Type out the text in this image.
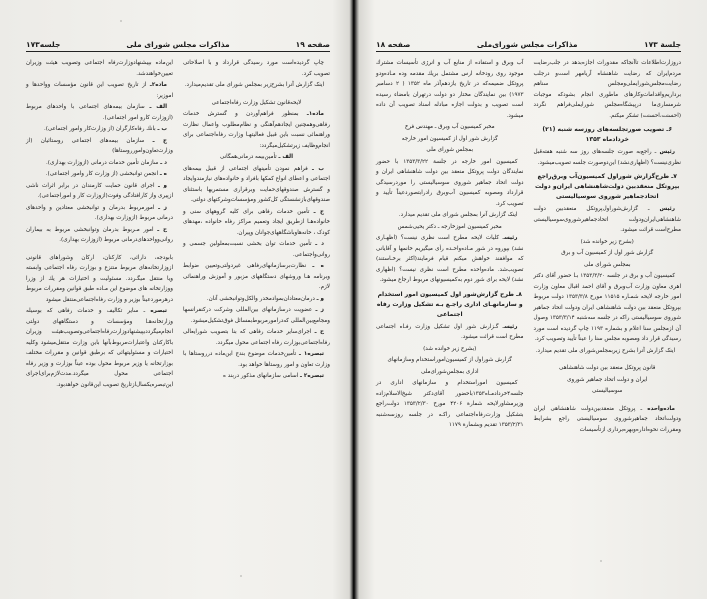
صفحه ۱۹
مذاکرات مجلس شورای ملی
جلسه۱۷۳

چاپ گردیده‌است مورد رسیدگی قرارداد و با اصلاحاتی تصویب کرد.

اینک گزارش آنرا بشرح‌زیر بمجلس شورای ملی تقدیم‌میدارد.

لایحه‌قانون تشکیل وزارت رفاه‌اجتماعی

ماده۱ـ بمنظور فراهم‌آوردن و گسترش خدمات رفاهی‌وهمچنین ایجادهم‌آهنگی و نظام‌مطلوب واعمال نظارت وراهنمائی نسبت باین قبیل فعالیتهـا وزارت رفاه‌اجتماعی برای انجام‌وظایف زیرتشکیل‌میگردد:

الف ـ تأمین‌بیمه درمانی‌همگانی

ب ـ فراهم نمودن تأمینهای اجتماعی از قبیل بیمه‌های اجتماعی و اعطای انواع کمکها بافراد و خانواده‌های نیازمندوایجاد و گسترش صندوقهای‌حمایت وبرقراری مستمریها باستثنای صندوقهای‌بازنشستگی کل‌کشور ومؤسسات‌وشرکتهای دولتی.

ج ـ تأمین خدمات رفاهی برای کلیه گروههای سنی و خانواده‌هـا ازطریق ایجاد وتعمیم مراکز رفاه خانواده ،مهدهای کودک ، خانه‌هاوباشگاههای‌جوانان وپیران.

د ـ تأمین خدمات توان بخشی نسبت‌بمعلولین جسمی و روانی‌واجتماعی.

ه ـ نظارت‌برسازمانهای‌رفاهی غیردولتی‌وتعیین ضوابط وبرنامه هـا وروشهای دستگاههای مزبور و آموزش وراهنمائی لازم.

و ـ درمان‌معتادان‌بموادمخدر والکل‌وتوانبخشی آنان.

ز ـ عضویت درسازمانهای بین‌المللی وشرکت درکنفرانسها ومجامع‌بین‌المللی که‌درامورمربوط‌بمسائل فوق‌تشکیل‌میشود.

ح ـ اجرای‌سایر خدمات رفاهی که بنا بتصویب شورایعالی رفاه‌اجتماعی‌بوزارت رفاه اجتماعی محول میگردد.

تبصره۱ ـ تأمین‌خدمات موضوع بندج این‌ماده درروستاها با وزارت تعاون و امور روستاها خواهد بود.

تبصره۲ ـ اسامی سازمانهای مذکور دربند ه

این‌ماده بپیشنهادوزارت‌رفاه اجتماعی وتصویب هیئت وزیران تعیین‌خواهندشد.

ماده۲ـ از تاریخ تصویب این قانون مؤسسات وواحدها و اموزیر:

الف ـ سازمان بیمه‌های اجتماعی با واحدهای مربوط (ازوزارت کارو امور اجتماعی).

ب ـ بانك رفاه‌کارگران (از وزارت‌کار وامور اجتماعی).

ج ـ سازمان بیمه‌های اجتماعی روستائیان (از وزارت‌تعاون‌وامورروستاها)

د ـ سازمان تأمین خدمات درمانی (ازوزارت بهداری).

ه ـ انجمن توانبخشی (از وزارت کار وامور اجتماعی).

و ـ اجرای قانون حمایت کارمندان در برابر اثرات ناشی ازپیری واز کارافتادگی وفوت(ازوزارت کار و اموراجتماعی).

ز ـ امورمربوط بدرمان و توانبخشی معتادین و واحدهای درمانی مربوط (ازوزارت بهداری).

ح ـ امور مـربوط بدرمان وتوانبخشی مربوط به بیماران روانی‌وواحدهای‌درمانی مربوط (ازوزارت بهداری).

بابودجه، دارائی، کارکنان، ارکان وشوراهای قانونی ازوزارتخانه‌های مربوط منتزع و بوزارت رفاه اجتماعی وابسته ویا منتقل میگـردد. مسئولیت و اختیارات هر یك از وزرا ووزارتخانه های موضوع این مـاده طبق قوانین ومقررات مربوط درهرموردعیناً بوزیر و وزارت رفاه‌اجتماعی‌منتقل میشود

تبصره ـ سایر تکالیف و خدمات رفاهی که بوسیله وزارتخانه‌هـا ومؤسسات و دستگاههای دولتی انجام‌میگرددبپیشنهادوزارت‌رفاه‌اجتماعی‌وتصویب‌هیئت وزیران باکارکنان واعتبارات‌مربوط‌بآنها باین وزارت منتقل‌میشود وکلیه اختیارات و مسئولیتهائی که برطبق قوانین و مقررات مختلف بوزارتخانه یا وزیر مربوط محول بوده عیناً بوزارت و وزیر رفاه اجتماعی محول میگردد.مدت‌لازم‌برای‌اجرای این‌تبصره‌یکسال‌ازتاریخ تصویب این‌قانون خواهدبود.

جلسة ۱۷۳
مذاکرات مجلس شورای‌ملی
صفحه ۱۸

دروزارت‌اطلاعات تاآنجاکه مقدورات اجازه‌بدهد در جلب‌رضایت مردم‌ایران که رضایت شاهنشاه آریامهر است‌و درجلب رضایت‌مجلس‌شورایملی‌ومجلس سناهم برداریم‌واقدامات‌وکارهای ماطوری انجام بشودکه موجبات شرمساری‌ما درپیشگاه‌مجلس شورایملی‌فراهم نگردد (احسنت،احسنت) تشکر میکنم.

۶ـ تصویب صورتجلسه‌های روزسه شنبه (۲۱) خردادماه ۱۳۵۳

رئیس ـ راجع‌به صورت جلسه‌های روز سه شنبه هفته‌قبل نظری‌نیست؟ (اظهاری‌نشد) این‌دوصورت جلسه تصویب‌میشود.

۷ـ طرح‌گزارش شوراول کمیسیون‌آب وبرق‌راجع بپروتکل منعقدبین دولت‌شاهنشاهی ایران‌و دولت اتحادجماهیر شوروی سوسیالیستی

رئیس ـ گزارش‌شوراول‌پروتکل منعقدبین دولت شاهنشاهی‌ایران‌ودولت اتحادجماهیرشوروی‌سوسیالیستی مطرح‌است قرائت میشود.

(بشرح زیر خوانده شد)

گزارش شور اول از کمیسیون آب و برق

بمجلس شورای ملی

کمیسیون آب و برق در جلسه ۱۳۵۳/۳/۲۰ بـا حضور آقای دکتر اهری معاون وزارت آب‌وبرق و آقای احمد اقبال معاون وزارت امور خارجه لایحه شمـاره ۱۱۵۱۵ مورخ ۱۳۵۳/۳/۸ دولت مربوط بپروتکل منعقد بین دولت شاهنشاهی ایران ودولت اتحاد جماهیر شوروی سوسیالیستی راکه در جلسه سه‌شنبه ۱۳۵۳/۳/۱۴ وصول آن ازمجلس سنا اعلام و بشماره ۱۱۹۳ چاپ گردیده است مورد رسیدگی قرار داد ومصوبه مجلس سنا را عیناً تأیید وتصویب کرد.

اینک گزارش آنرا بشرح زیربمجلس‌شورای ملی تقدیم میدارد.

قانون پروتکل منعقد بین دولت شاهنشاهی

ایران و دولت اتحاد جماهیر شوروی

سوسیالیستی

ماده‌واحده ـ پروتکل منعقدبین‌دولت شاهنشاهی ایران ودولت‌اتحاد جماهیرشوروی سوسیالیستی راجع بشرایط ومقررات نحوه‌اداره‌وبهره‌برداری ازتأسیسات

آب وبرق و استفاده از منابع آب و انرژی تأسیسات مشترك موجود روی رودخانه ارس مشتمل بریك مقدمه وده مـاده‌ودو پروتکل ضمیمه‌که در تاریخ یازدهم‌آذر ماه ۱۳۵۲ ( ۲ دسامبر ۱۹۷۳) بین نمایندگان مختار دو دولت درتهران بامضاء رسیده است تصویب و بدولت اجازه مبادله اسناد تصویب آن داده میشود.

مخبر کمیسیون آب وبرق ـ مهندس فرخ

گزارش شور اول از کمیسیون امور خارجه

بمجلس شورای ملی

کمیسیون امور خارجه در جلسة ۱۳۵۳/۳/۲۲ با حضور نمایندگان دولت پروتکل منعقد بین دولت شاهنشاهی ایران و دولت اتحاد جماهیر شوروی سوسیالیستی را موردرسیدگی قرارداد ومصوبه کمیسیون آب‌وبرق رادرابتصوردعیناً تأیید و تصویب کرد.

اینک گزارش آنرا بمجلس شورای ملی تقدیم میدارد.

مخبر کمیسیون اموزخارجه ـ دکتر یحیی‌شمس

رئیسـ کلیات لایحه مطرح است نظری نیست؟ (اظهـاری نشد) بپوروه در شور مـاده‌واحـده رأی میگیریم خانمها و آقایانی که موافقند خواهش میکنم قیام فرمایند(اکثر برخـاستند) تصویب‌شد. ماده‌واحده مطرح است نظری نیست؟ (اظهاری نشد) لایحه برای شور دوم به‌کمیسیونهای مربوط ارجاع میشود.

۸ـ طرح گزارش‌شور اول کمیسیون امور استخدام و سازمانهـای اداری راجـع بـه تشکیل وزارت رفاه اجتماعی

رئیسـ گـزارش شور اول تشکیل وزارت رفـاه اجتماعی مطرح است قرائت میشود.

(بشرح زیر خوانده شد)

گزارش شوراول از کمیسیون‌امور‌استخدام وسازمانهای

اداری بمجلس‌شورای‌ملی

کمیسیون اموراستخدام و سازمانهای اداری در جلسه۴خردادمـاه۱۳۵۳باحضور آقای‌دکتر شیخ‌الاسلام‌زاده وزیرمشاورلایحه شمارة ۴۲۰۶ مورخ ۱۳۵۳/۲/۳۰ دولت‌راجع بتشکیل وزارت‌رفاه‌اجتماعی راکـه در جلسه روزسه‌شنبه ۱۳۵۳/۲/۳۱ تقدیم وبشمارة ۱۱۷۹
